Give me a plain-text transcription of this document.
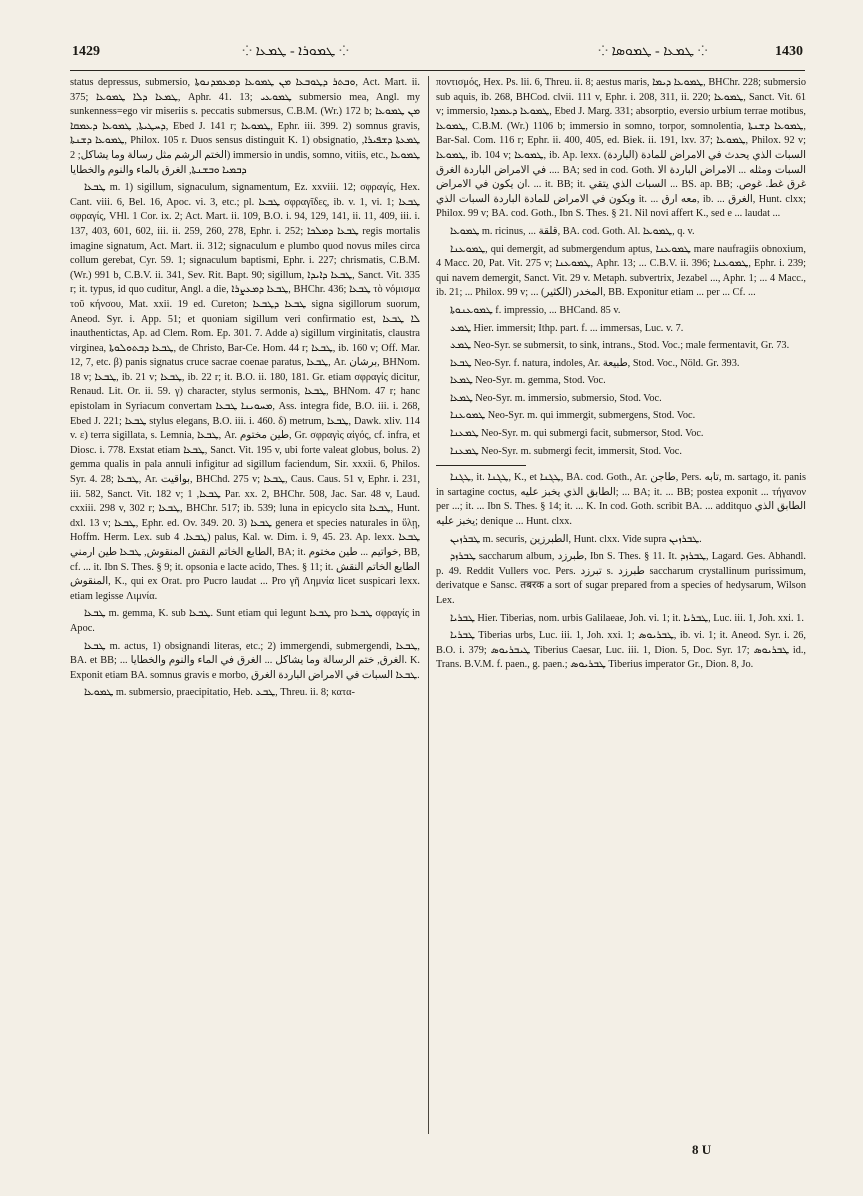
1429	⁘ ܛܡܘܪܐ - ܛܡܥܐ ⁘	⁘ ܛܡܥܐ - ܛܡܘܣܐ ⁘	1430

status depressus, submersio, ܘܒܬܪ ܕܛܘܒܥܐ ܡܢ ܛܡܘܥܐ ܕܡܥܡܕܢܘܬܐ, Act. Mart. ii. 375; ܛܡܥܐ ܕܠܐ ܛܡܘܥܐ, Aphr. 41. 13; ܛܡܘܥܝ submersio mea, Angl. my sunkenness=ego vir miseriis s. peccatis submersus, C.B.M. (Wr.) 172 b; ܡܢ ܛܡܘܥܐ ܕܚܛܝܬܐ, ܛܡܘܥܐ ܕܥܡܩܐ, Ebed J. 141 r; ܛܡܘܥܐ, Ephr. iii. 399. 2) somnus gravis, ܛܡܘܥܐ ܕܫܢܬܐ, Philox. 105 r. Duos sensus distinguit K. 1) obsignatio, ܛܡܥܬܐ ܕܫܦܝܪܐ, الختم الرشم مثل رسالة وما يشاكل; 2) immersio in undis, somno, vitiis, etc., ܛܡܘܥܐ ܕܒܡܝܐ ܘܒܫܢܬܐ, الغرق بالماء والنوم والخطايا

ܛܒܥܐ m. 1) sigillum, signaculum, signamentum, Ez. xxviii. 12; σφραγίς, Hex. Cant. viii. 6, Bel. 16, Apoc. vi. 3, etc.; pl. ܛܒܥܐ σφραγῖδες, ib. v. 1, vi. 1; ܛܒܥܐ σφραγίς, VHl. 1 Cor. ix. 2; Act. Mart. ii. 109, B.O. i. 94, 129, 141, ii. 11, 409, iii. i. 137, 403, 601, 602, iii. ii. 259, 260, 278, Ephr. i. 252; ܛܒܥܐ ܕܡܠܟܐ regis mortalis imagine signatum, Act. Mart. ii. 312; signaculum e plumbo quod novus miles circa collum gerebat, Cyr. 59. 1; signaculum baptismi, Ephr. i. 227; chrismatis, C.B.M. (Wr.) 991 b, C.B.V. ii. 341, Sev. Rit. Bapt. 90; sigillum, ܛܒܥܐ ܕܐܝܕܐ, Sanct. Vit. 335 r; it. typus, id quo cuditur, Angl. a die, ܛܒܥܐ ܕܡܥܨܪܐ, BHChr. 436; ܛܒܥܐ τὸ νόμισμα τοῦ κήνσου, Mat. xxii. 19 ed. Cureton; ܛܒܥܐ ܕܛܒܥܐ signa sigillorum suorum, Aneod. Syr. i. App. 51; et quoniam sigillum veri confirmatio est, ܠܐ ܛܒܥܐ inauthentictas, Ap. ad Clem. Rom. Ep. 301. 7. Adde a) sigillum virginitatis, claustra virginea, ܛܒܥܐ ܕܒܬܘܠܘܬܐ, de Christo, Bar-Ce. Hom. 44 r; ܛܒܥܐ, ib. 160 v; Off. Mar. 12, 7, etc. β) panis signatus cruce sacrae coenae paratus, ܛܒܥܐ, Ar. برشان, BHNom. 18 v; ܛܒܥܐ, ib. 21 v; ܛܒܥܐ, ib. 22 r; it. B.O. ii. 180, 181. Gr. etiam σφραγίς dicitur, Renaud. Lit. Or. ii. 59. γ) character, stylus sermonis, ܛܒܥܐ, BHNom. 47 r; hanc epistolam in Syriacum convertam ܡܚܘܝܢܐ ܛܒܥܐ, Ass. integra fide, B.O. iii. i. 268, Ebed J. 221; ܛܒܥܐ stylus elegans, B.O. iii. i. 460. δ) metrum, ܛܒܥܐ, Dawk. xliv. 114 v. ε) terra sigillata, s. Lemnia, ܛܒܥܐ, Ar. طين مختوم, Gr. σφραγὶς αἰγός, cf. infra, et Diosc. i. 778. Exstat etiam ܛܒܥܐ, Sanct. Vit. 195 v, ubi forte valeat globus, bolus. 2) gemma qualis in pala annuli infigitur ad sigillum faciendum, Sir. xxxii. 6, Philos. Syr. 4. 28; ܛܒܥܐ, Ar. بواقيت, BHChd. 275 v; ܛܒܥܐ, Caus. Caus. 51 v, Ephr. i. 231, iii. 582, Sanct. Vit. 182 v; ܛܒܥܐ, 1 Par. xx. 2, BHChr. 508, Jac. Sar. 48 v, Laud. cxxiii. 298 v, 302 r; ܛܒܥܐ, BHChr. 517; ib. 539; luna in epicyclo sita ܛܒܥܐ, Hunt. dxl. 13 v; ܛܒܥܐ, Ephr. ed. Ov. 349. 20. 3) ܛܒܥܐ genera et species naturales in ὕλῃ, Hoffm. Herm. Lex. sub ܛܒܥܐ. 4) palus, Kal. w. Dim. i. 9, 45. 23. Ap. lexx. ܛܒܥܐ الطابع الخاتم النقش المنقوش, ܛܒܥܐ طين ارمني, BA; it. خواتيم ... طين مختوم, BB, cf. ... it. Ibn S. Thes. § 9; it. opsonia e lacte acido, Thes. § 11; it. الطابع الخاتم النقش المنقوش, K., qui ex Orat. pro Pucro laudat ... Pro γῆ Λημνία licet suspicari lexx. etiam legisse Λιμνία.

ܛܒܥܐ m. gemma, K. sub ܛܒܥܐ. Sunt etiam qui legunt ܛܒܥܐ pro ܛܒܥܐ σφραγίς in Apoc.

ܛܒܥܐ m. actus, 1) obsignandi literas, etc.; 2) immergendi, submergendi, ܛܒܥܐ, BA. et BB; ... الغرق, ختم الرسالة وما يشاكل ... الغرق في الماء والنوم والخطايا. K. Exponit etiam BA. somnus gravis e morbo, ܛܒܥܐ السبات في الامراض الباردة الغرق.

ܛܡܘܥܐ m. submersio, praecipitatio, Heb. ܛܒܥ, Threu. ii. 8; κατα-

ποντισμός, Hex. Ps. lii. 6, Threu. ii. 8; aestus maris, ܛܡܘܥܐ ܕܝܡܐ, BHChr. 228; submersio sub aquis, ib. 268, BHCod. clvii. 111 v, Ephr. i. 208, 311, ii. 220; ܛܡܘܥܐ, Sanct. Vit. 61 v; immersio, ܛܡܘܥܐ ܕܥܡܕܐ, Ebed J. Marg. 331; absorptio, eversio urbium terrae motibus, ܛܡܘܥܐ, C.B.M. (Wr.) 1106 b; immersio in somno, torpor, somnolentia, ܛܡܘܥܐ ܕܫܢܬܐ, Bar-Sal. Com. 116 r; Ephr. ii. 400, 405, ed. Biek. ii. 191, lxv. 37; ܛܡܘܥܐ, Philox. 92 v; ܛܡܘܥܐ, ib. 104 v; ܛܡܘܥܐ, ib. Ap. lexx. السبات الذي يحدث في الامراض للمادة (الباردة) ... في الامراض الباردة الغرق. BA; sed in cod. Goth. السبات ومثله ... الامراض الباردة الا ان يكون في الامراض. ... it. BB; it. السبات الذي يتقي ... BS. ap. BB; غرق غط. غوص. ويكون في الامراض للمادة الباردة السبات الذي it. ... معه ارق, ib. ... الغرق, Hunt. clxx; Philox. 99 v; BA. cod. Goth., Ibn S. Thes. § 21. Nil novi affert K., sed e ... laudat ...

ܛܡܘܥܐ m. ricinus, ... قلقة, BA. cod. Goth. Al. ܛܡܘܥܐ, q. v.

ܛܡܘܥܢܐ, qui demergit, ad submergendum aptus, ܛܡܘܥܢܐ mare naufragiis obnoxium, 4 Macc. 20, Pat. Vit. 275 v; ܛܡܘܥܢܐ, Aphr. 13; ... C.B.V. ii. 396; ܛܡܘܥܢܐ, Ephr. i. 239; qui navem demergit, Sanct. Vit. 29 v. Metaph. subvertrix, Jezabel ..., Aphr. 1; ... 4 Macc., ib. 21; ... Philox. 99 v; ... المخدر (الكثير), BB. Exponitur etiam ... per ... Cf. ...

ܛܡܘܥܢܘܬܐ f. impressio, ... BHCand. 85 v.

ܛܡܥ Hier. immersit; Ithp. part. f. ... immersas, Luc. v. 7.

ܛܡܥ Neo-Syr. se submersit, to sink, intrans., Stod. Voc.; male fermentavit, Gr. 73.

ܛܒܥܐ Neo-Syr. f. natura, indoles, Ar. طبيعة, Stod. Voc., Nöld. Gr. 393.

ܛܡܥܐ Neo-Syr. m. gemma, Stod. Voc.

ܛܡܥܐ Neo-Syr. m. immersio, submersio, Stod. Voc.

ܛܡܘܥܢܐ Neo-Syr. m. qui immergit, submergens, Stod. Voc.

ܛܡܥܢܐ Neo-Syr. m. qui submergi facit, submersor, Stod. Voc.

ܛܡܥܢܐ Neo-Syr. m. submergi fecit, immersit, Stod. Voc.

ܛܓܢܐ, it. ܛܓܢܐ, K., et ܛܓܢܐ, BA. cod. Goth., Ar. طاجن, Pers. تابه, m. sartago, it. panis in sartagine coctus, الطابق الذي يخبز عليه; ... BA; it. ... BB; postea exponit ... τήγανον per ...; it. ... Ibn S. Thes. § 14; it. ... K. In cod. Goth. scribit BA. ... additquo الطابق الذي يخبز عليه; denique ... Hunt. clxx.

ܛܒܪܙܝܢ m. securis, الطبرزين, Hunt. clxx. Vide supra ܛܒܪܙܝܢ.

ܛܒܪܙܕ saccharum album, طبرزد, Ibn S. Thes. § 11. It. ܛܒܪܙܕ, Lagard. Ges. Abhandl. p. 49. Reddit Vullers voc. Pers. تبرزد s. طبرزد saccharum crystallinum purissimum, derivatque e Sansc. तबरक a sort of sugar prepared from a species of hedysarum, Wilson Lex.

ܛܒܪܝܐ Hier. Tiberias, nom. urbis Galilaeae, Joh. vi. 1; it. ܛܒܪܝܐ, Luc. iii. 1, Joh. xxi. 1.

ܛܒܪܝܐ Tiberias urbs, Luc. iii. 1, Joh. xxi. 1; ܛܒܪܝܘܣ, ib. vi. 1; it. Aneod. Syr. i. 26, B.O. i. 379; ܛܝܒܪܝܘܣ Tiberius Caesar, Luc. iii. 1, Dion. 5, Doc. Syr. 17; ܛܒܪܝܘܣ id., Trans. B.V.M. f. paen., g. paen.; ܛܒܪܝܘܣ Tiberius imperator Gr., Dion. 8, Jo.

8 U
